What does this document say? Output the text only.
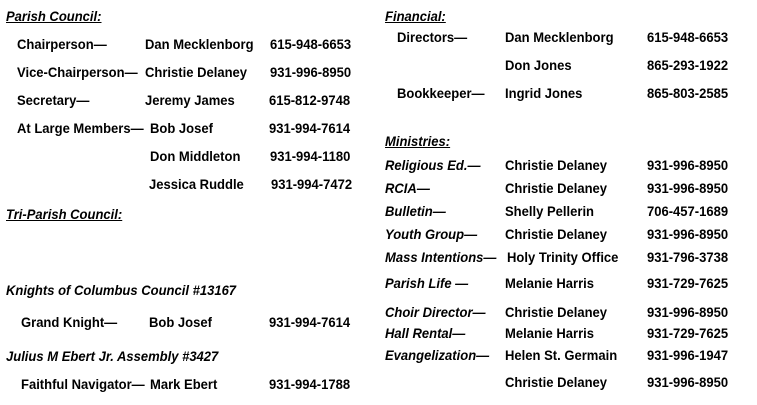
Parish Council:
Chairperson—	Dan Mecklenborg 615-948-6653
Vice-Chairperson— Christie Delaney 931-996-8950
Secretary—	Jeremy James 615-812-9748
At Large Members— Bob Josef	931-994-7614
Don Middleton 931-994-1180
Jessica Ruddle 931-994-7472
Tri-Parish Council:
Knights of Columbus Council #13167
Grand Knight— Bob Josef	931-994-7614
Julius M Ebert Jr. Assembly #3427
Faithful Navigator— Mark Ebert	931-994-1788
Financial:
Directors—	Dan Mecklenborg 615-948-6653
Don Jones	865-293-1922
Bookkeeper— Ingrid Jones	865-803-2585
Ministries:
Religious Ed.— Christie Delaney	931-996-8950
RCIA—	Christie Delaney	931-996-8950
Bulletin—	Shelly Pellerin	706-457-1689
Youth Group— Christie Delaney	931-996-8950
Mass Intentions— Holy Trinity Office 931-796-3738
Parish Life —	Melanie Harris	931-729-7625
Choir Director— Christie Delaney	931-996-8950
Hall Rental—	Melanie Harris	931-729-7625
Evangelization— Helen St. Germain 931-996-1947
Christie Delaney	931-996-8950
